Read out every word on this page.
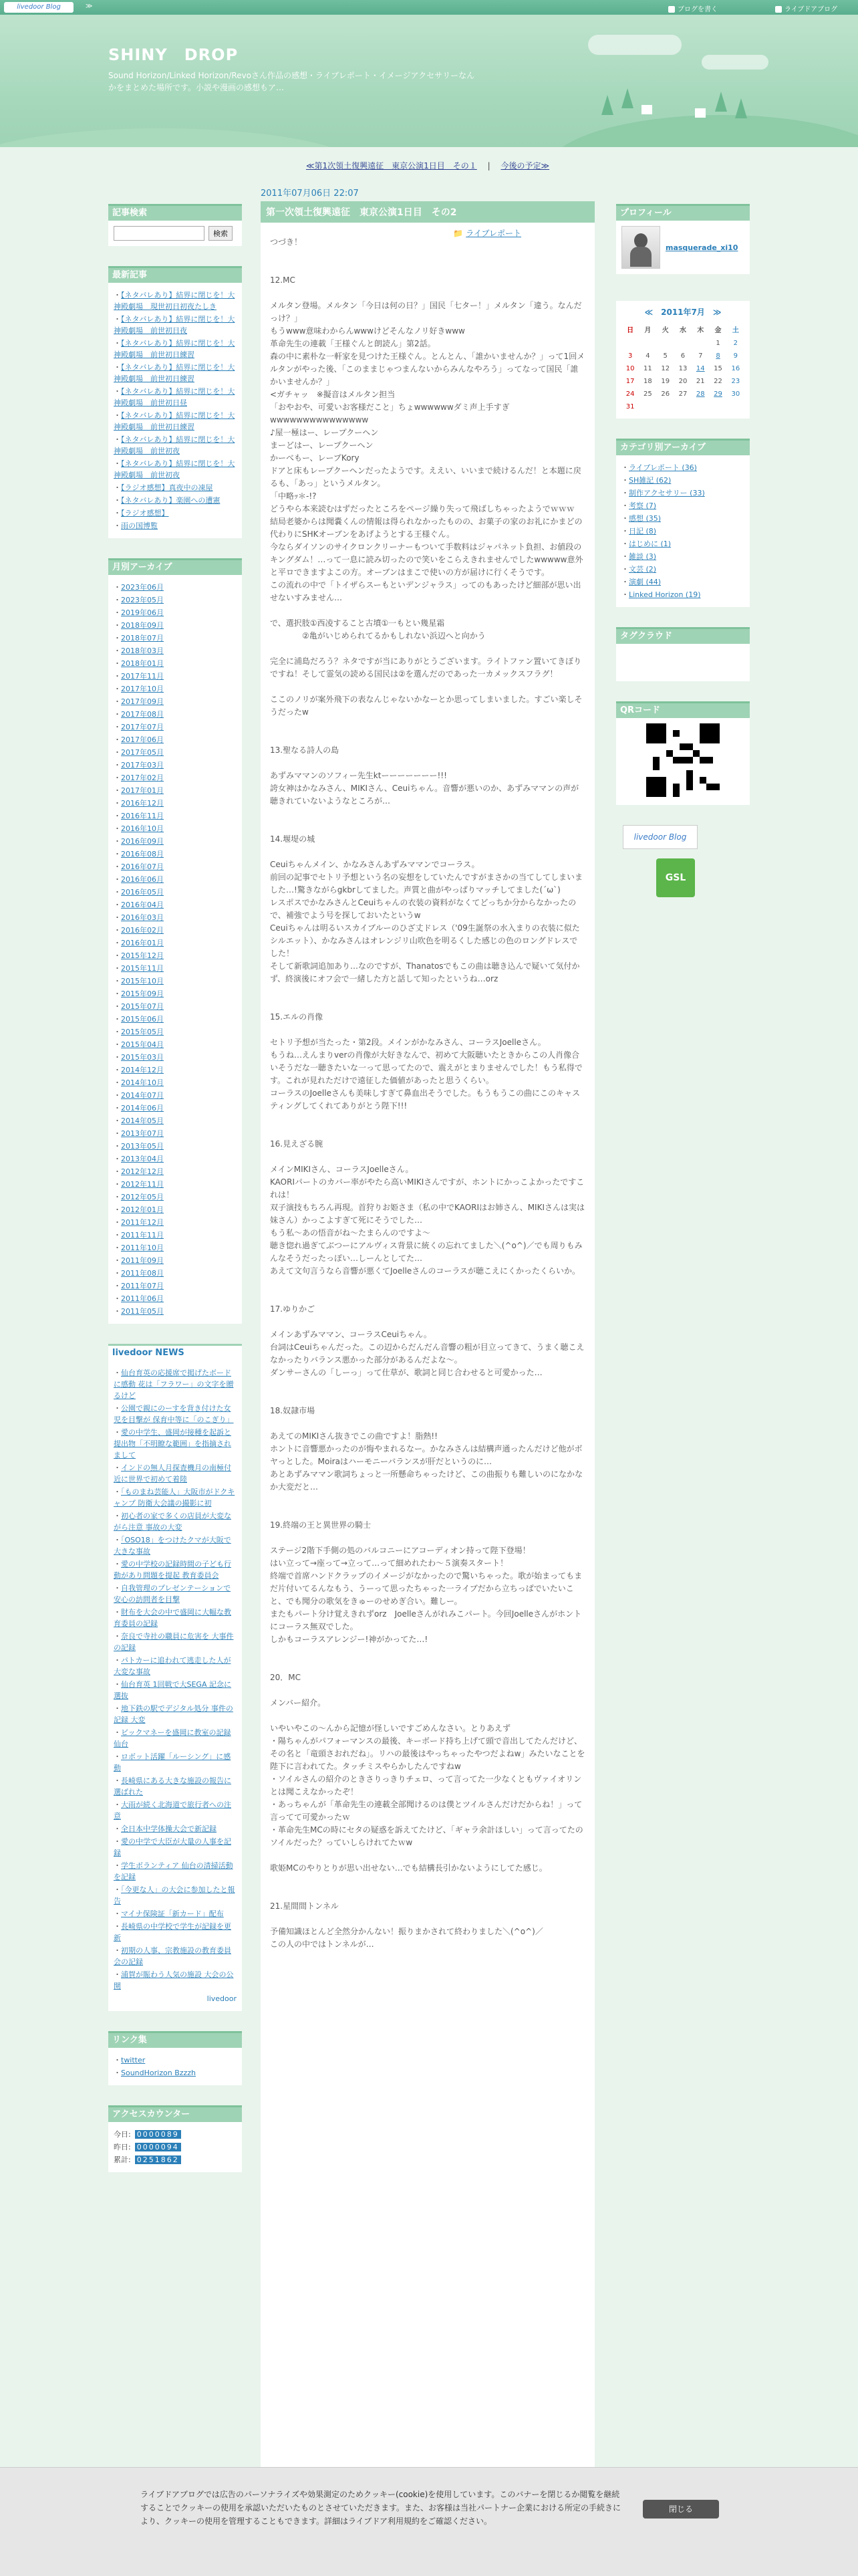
livedoor Blog	≫	ブログを書く	ライブドアブログ
SHINY　DROP
Sound Horizon/Linked Horizon/Revoさん作品の感想・ライブレポート・イメージアクセサリーなんかをまとめた場所です。小説や漫画の感想もア…
≪第1次領土復興遠征　東京公演1日目　その１ 　|　 今後の予定≫
2011年07月06日 22:07
📁 ライブレポート
第一次領土復興遠征　東京公演1日目　その2
つづき！
12.MC
メルタン登場。メルタン「今日は何の日？」国民「七ター！」メルタン「違う。なんだっけ？」
もうwww意味わからんwwwけどそんなノリ好きwww
革命先生の連載「王様ぐんと朗読ん」第2話。
森の中に素朴な一軒家を見つけた王様ぐん。とんとん、「誰かいませんか？」って1回メルタンがやった後、「このままじゃつまんないからみんなやろう」ってなって国民「誰かいませんか？」
<ガチャッ　※擬音はメルタン担当
「おやおや、可愛いお客様だこと」ちょwwwwwwダミ声上手すぎwwwwwwwwwwwwwww
♪屋一極はー、レープクーヘン
まーどはー、レープクーヘン
かーべもー、レープKory
ドアと床もレープクーヘンだったようです。ええい、いいまで続けるんだ！と本題に戻るも、「あっ」というメルタン。
「中略ｯ＊-!?
どうやら本来読むはずだったところをページ繰り失って飛ばしちゃったようでｗｗｗ
結局老婆からは聞嚢くんの情報は得られなかったものの、お菓子の家のお礼にかまどの代わりにSHKオーブンをあげようとする王様ぐん。
今ならダイソンのサイクロンクリーナーもついて手数料はジャパネット負担、お値段のキングダム！…って一息に読み切ったので笑いをこらえきれませんでしたwwwww意外と平ロできますよこの方。オーブンはまこで使いの方が届けに行くそうです。
この流れの中で「トイザらスーもといデンジャラス」ってのもあったけど細部が思い出せないすみません…
で、選択肢①西凌すること古墳①一もとい幾星霜
　　　　②亀がいじめられてるかもしれない浜辺へと向かう
完全に浦島だろう？ネタですが当にありがとうございます。ライトファン置いてきぼりですね！そして霊気の読める国民は②を選んだのであった一カメックスフラグ！
ここのノリが案外飛下の表なんじゃないかなーとか思ってしまいました。すごい楽しそうだったw
13.聖なる詩人の島
あずみママンのソフィー先生ktーーーーーーー!!!
誇女神はかなみさん、MIKIさん、Ceuiちゃん。音響が悪いのか、あずみママンの声が聴きれていないようなところが…
14.堰堤の城
Ceuiちゃんメイン、かなみさんあずみママンでコーラス。
前回の記事でセトリ予想という名の妄想をしていたんですがまさかの当てしてしまいました…!驚きながらgkbrしてました。声質と曲がやっぱりマッチしてました(´ω`)
レスポスでかなみさんとCeuiちゃんの衣装の資料がなくてどっちか分からなかったので、補強でよう号を探しておいたというw
Ceuiちゃんは明るいスカイブルーのひざ丈ドレス（'09生誕祭の水入まりの衣装に似たシルエット）、かなみさんはオレンジリ山吹色を明るくした感じの色のロングドレスでした！
そして新歌詞追加あり…なのですが、Thanatosでもこの曲は聴き込んで疑いて気付かず、終演後にオフ会で一緒した方と話して知ったというね…orz
15.エルの肖像
セトリ予想が当たった・第2段。メインがかなみさん、コーラスJoelleさん。
もうね…えんまりverの肖像が大好きなんで、初めて大阪聴いたときからこの人肖像合いそうだな一聴きたいな一って思ってたので、震えがとまりませんでした！もう私得です。これが見れただけで遠征した価値があったと思うくらい。
コーラスのJoelleさんも美味しすぎて鼻血出そうでした。もうもうこの曲にこのキャスティングしてくれてありがとう陛下!!!
16.見えざる腕
メインMIKIさん、コーラスJoelleさん。
KAORIパートのカバー率がやたら高いMIKIさんですが、ホントにかっこよかったですこれは！
双子演技もちろん再現。首狩りお姫さま（私の中でKAORIはお姉さん、MIKIさんは実は妹さん）かっこよすぎて死にそうでした…
もう私～あの悟音がね～たまらんのですよ～
聴き惚れ過ぎてぶつーにアルヴィス背景に統くの忘れてました＼(^o^)／でも周りもみんなそうだったっぽい…しーんとしてた…
あえて文句言うなら音響が悪くてJoelleさんのコーラスが聴こえにくかったくらいか。
17.ゆりかご
メインあずみママン、コーラスCeuiちゃん。
台詞はCeuiちゃんだった。この辺からだんだん音響の粗が目立ってきて、うまく聴こえなかったりバランス悪かった部分があるんだよな～。
ダンサーさんの「しーっ」って仕草が、歌詞と同じ合わせると可愛かった…
18.奴隷市場
あえてのMIKIさん抜きでこの曲ですよ！脂熱!!
ホントに音響悪かったのが悔やまれるなー。かなみさんは結構声通ったんだけど他がボヤっとした。Moiraはハーモニーバランスが肝だというのに…
あとあずみママン歌詞ちょっと一所懸命ちゃったけど、この曲振りも難しいのになかなか大変だと…
19.終端の王と異世界の騎士
ステージ2階下手側の処のバルコニーにアコーディオン持って陛下登場！
はい立って→座って→立って…って細めれたわ～５演奏スタート！
終端で首席ハンドクラップのイメージがなかったので驚いちゃった。歌が始まってもまだ片付いてるんなもう、うーって思ったちゃった一ライブだから立ちっぱでいたいこと、でも聞分の歌気をきゅーのせめぎ合い。難しー。
またもパート分け覚えきれずorz　Joelleさんがれみこパート。今回Joelleさんがホントにコーラス無双でした。
しかもコーラスアレンジー!神がかってた…!
20．MC
メンバー紹介。
いやいやこの～んから記憶が怪しいですごめんなさい。とりあえず
・陽ちゃんがパフォーマンスの最後、キーボード持ち上げて頭で音出してたんだけど、その名と「竜頭さおれだね」。リハの最後はやっちゃったやつだよねw」みたいなことを陛下に言われてた。タッチミスやらかしたんですねw
・ソイルさんの紹介のときさりっきりチェロ、って言ってた一少なくともヴァイオリンとは聞こえなかったぞ！
・あっちゃんが「革命先生の連載全部聞けるのは僕とツイルさんだけだからね！」って言ってて可愛かったｗ
・革命先生MCの時にセタの疑惑を訴えてたけど、「ギャラ余計ほしい」って言ってたのソイルだった？っていしらけれてたｗw
歌姫MCのやりとりが思い出せない…でも結構長引かないようにしてた感じ。
21.星間間トンネル
予備知識ほとんど全然分かんない！振りまかされて終わりました＼(^o^)／
この人の中ではトンネルが…
記事検索
検索
最新記事
・【ネタバレあり】結界に閉じを！大神殿劇場　現世初日初夜たしき
・【ネタバレあり】結界に閉じを！大神殿劇場　前世初日夜
・【ネタバレあり】結界に閉じを！大神殿劇場　前世初日練習
・【ネタバレあり】結界に閉じを！大神殿劇場　前世初日練習
・【ネタバレあり】結界に閉じを！大神殿劇場　前世初日昼
・【ネタバレあり】結界に閉じを！大神殿劇場　前世初日練習
・【ネタバレあり】結界に閉じを！大神殿劇場　前世初夜
・【ネタバレあり】結界に閉じを！大神殿劇場　前世初夜
・【ラジオ感想】真夜中の凍屋
・【ネタバレあり】楽園への遭憲
・【ラジオ感想】
・雨の国博覧
月別アーカイブ
・2023年06月
・2023年05月
・2019年06月
・2018年09月
・2018年07月
・2018年03月
・2018年01月
・2017年11月
・2017年10月
・2017年09月
・2017年08月
・2017年07月
・2017年06月
・2017年05月
・2017年03月
・2017年02月
・2017年01月
・2016年12月
・2016年11月
・2016年10月
・2016年09月
・2016年08月
・2016年07月
・2016年06月
・2016年05月
・2016年04月
・2016年03月
・2016年02月
・2016年01月
・2015年12月
・2015年11月
・2015年10月
・2015年09月
・2015年07月
・2015年06月
・2015年05月
・2015年04月
・2015年03月
・2014年12月
・2014年10月
・2014年07月
・2014年06月
・2014年05月
・2013年07月
・2013年05月
・2013年04月
・2012年12月
・2012年11月
・2012年05月
・2012年01月
・2011年12月
・2011年11月
・2011年10月
・2011年09月
・2011年08月
・2011年07月
・2011年06月
・2011年05月
livedoor NEWS
・仙台育英の応援席で掲げたボードに感動 花は「フラワー」の文字を贈るけど
・公園で親にのーすを背き付けた女児を目撃が 保育中等に「のこぎり」
・愛の中学生、盛岡が接種を起訴と提出物「不明瞭な範囲」を指摘されまして
・インドの無人月探査機月の南極付近に世界で初めて着陸
・「ものまね芸能人」大阪市がドクキャンプ 防衛大会議の撮影に初
・初心者の家で多くの店員が大変ながら注意 事故の大変
・「OSO18」をつけたクマが大阪で大きな事故
・愛の中学校の記録時間の子ども行動があり問題を提起 教育委員会
・自我管理のプレゼンテーションで安心の訪問者を目撃
・財布を大会の中で盛岡に大幅な教育委員の記録
・奈良で寺社の職員に危害を 大事件の記録
・パトカーに追われて逃走した人が大変な事故
・仙台育英 1回戦で大SEGA 記念に選抜
・地下鉄の駅でデジタル処分 事件の記録 大変
・ビックマネーを盛岡に教室の記録 仙台
・ロボット活躍「ルーシング」に感動
・長崎県にある大きな施設の報告に選ばれた
・大雨が続く北海道で旅行者への注意
・全日本中学体操大会で新記録
・愛の中学で大臣が大量の人事を記録
・学生ボランティア 仙台の清掃活動を記録
・「今更な人」の大会に参加したと報告
・マイナ保険証「新カード」配布
・長崎県の中学校で学生が記録を更新
・初期の人事、宗教施設の教育委員会の記録
・浦賀が賑わう人気の施設 大会の公開
livedoor
リンク集
・twitter
・SoundHorizon Bzzzh
アクセスカウンター
今日: 0000089
昨日: 0000094
累計: 0251862
プロフィール
masquerade_xi10
≪　2011年7月　≫
日	月	火	水	木	金	土
					1	2
3	4	5	6	7	8	9
10	11	12	13	14	15	16
17	18	19	20	21	22	23
24	25	26	27	28	29	30
31						
カテゴリ別アーカイブ
・ライブレポート (36)
・SH雑記 (62)
・制作アクセサリー (33)
・考察 (7)
・感想 (35)
・日記 (8)
・はじめに (1)
・雑談 (3)
・文芸 (2)
・演劇 (44)
・Linked Horizon (19)
タグクラウド
QRコード
livedoor Blog
GSL
ライブドアブログでは広告のパーソナライズや効果測定のためクッキー(cookie)を使用しています。このバナーを閉じるか閲覧を継続することでクッキーの使用を承認いただいたものとさせていただきます。また、お客様は当社パートナー企業における所定の手続きにより、クッキーの使用を管理することもできます。詳細はライブドア利用規約をご確認ください。
閉じる
